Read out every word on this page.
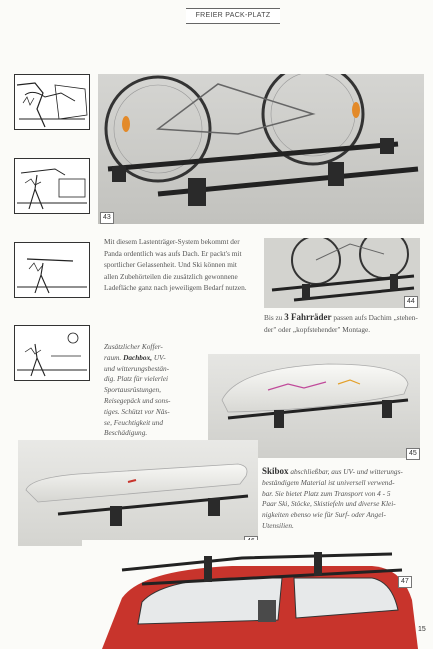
FREIER PACK-PLATZ
43
Mit diesem Lastenträger-System bekommt der
Panda ordentlich was aufs Dach. Er packt's mit
sportlicher Gelassenheit. Und Ski können mit
allen Zubehörteilen die zusätzlich gewonnene
Ladefläche ganz nach jeweiligem Bedarf nutzen.
44
Bis zu 3 Fahrräder passen aufs Dachim „stehen-
der" oder „kopfstehender" Montage.
Zusätzlicher Koffer-
raum. Dachbox, UV-
und witterungsbestän-
dig. Platz für vielerlei
Sportausrüstungen,
Reisegepäck und sons-
tiges. Schützt vor Näs-
se, Feuchtigkeit und
Beschädigung.
45
Skibox abschließbar, aus UV- und witterungs-
beständigem Material ist universell verwend-
bar. Sie bietet Platz zum Transport von 4 - 5
Paar Ski, Stöcke, Skistiefeln und diverse Klei-
nigkeiten ebenso wie für Surf- oder Angel-
Utensilien.
47
15
